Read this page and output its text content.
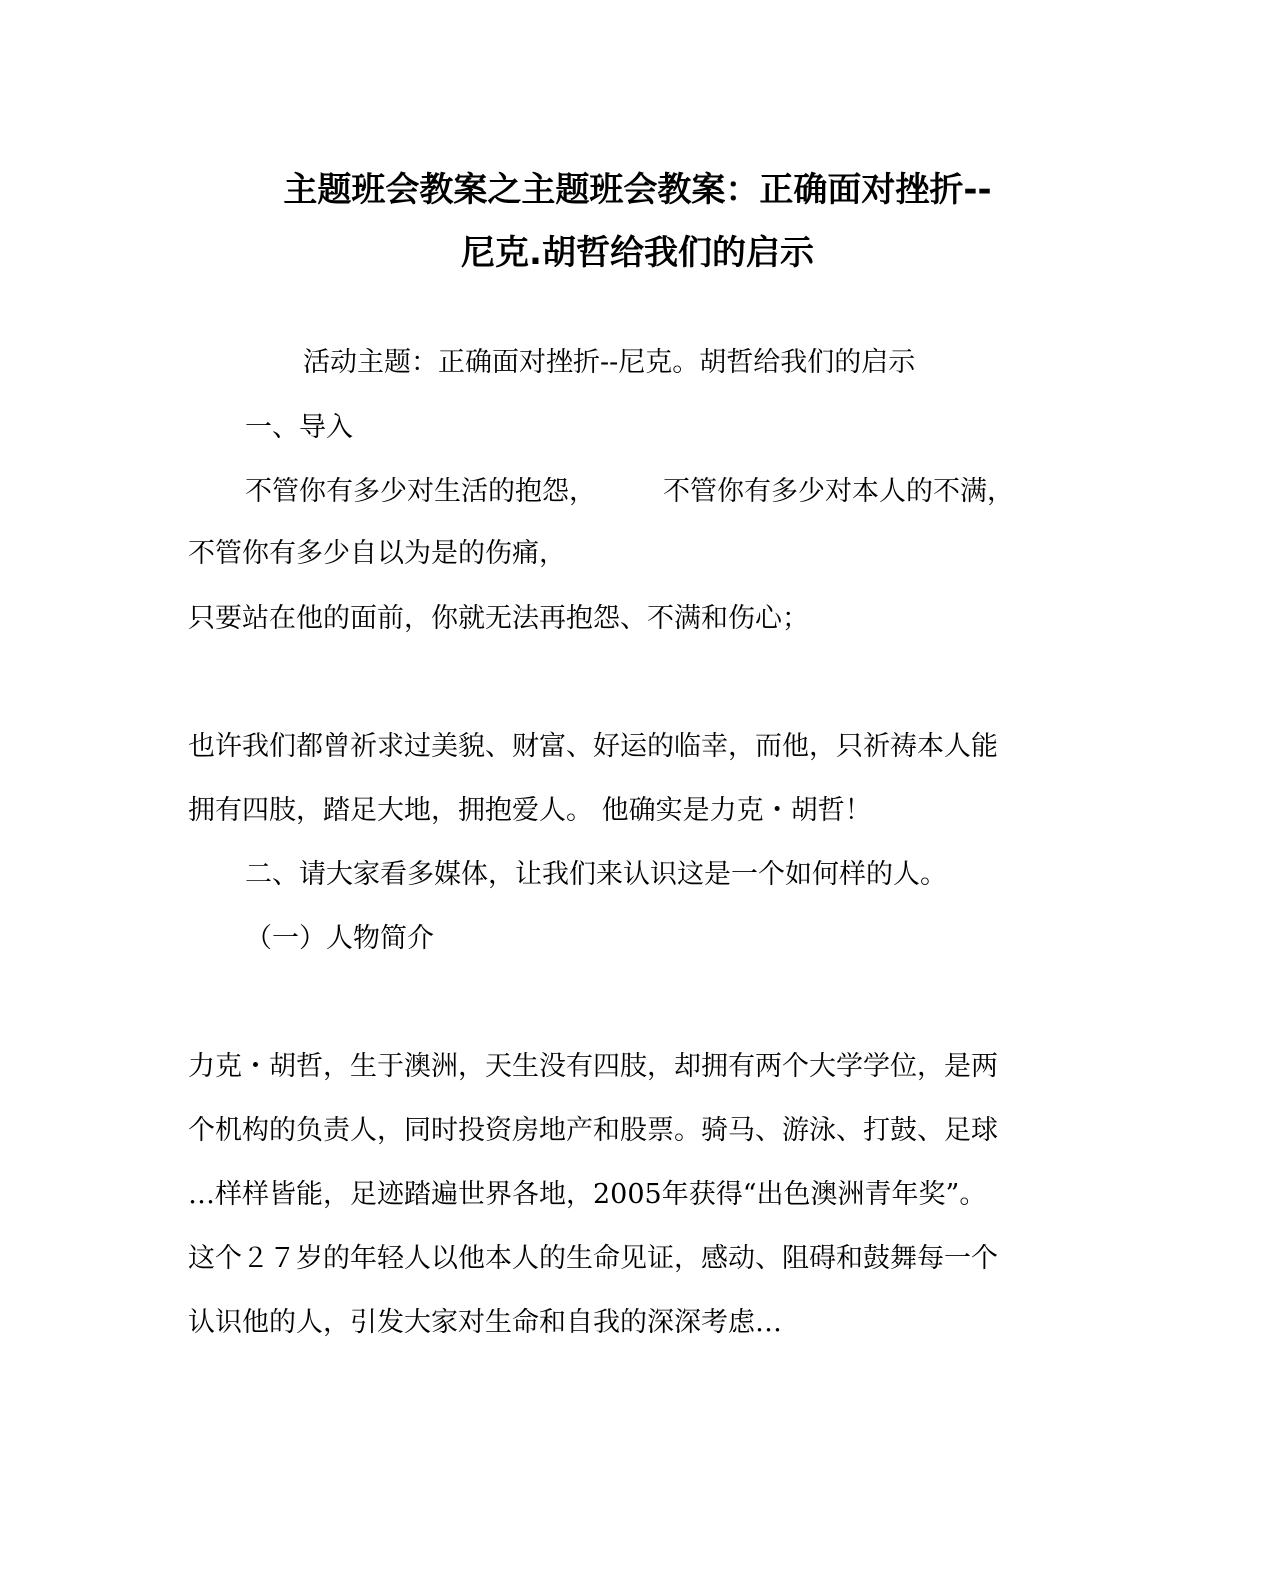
主题班会教案之主题班会教案：正确面对挫折--
尼克.胡哲给我们的启示
活动主题：正确面对挫折--尼克。胡哲给我们的启示
一、导入
不管你有多少对生活的抱怨， 不管你有多少对本人的不满，
不管你有多少自以为是的伤痛，
只要站在他的面前，你就无法再抱怨、不满和伤心；
也许我们都曾祈求过美貌、财富、好运的临幸，而他，只祈祷本人能
拥有四肢，踏足大地，拥抱爱人。 他确实是力克・胡哲！
二、请大家看多媒体，让我们来认识这是一个如何样的人。
（一）人物简介
力克・胡哲，生于澳洲，天生没有四肢，却拥有两个大学学位，是两
个机构的负责人，同时投资房地产和股票。骑马、游泳、打鼓、足球
…样样皆能，足迹踏遍世界各地，2005年获得“出色澳洲青年奖”。
这个２７岁的年轻人以他本人的生命见证，感动、阻碍和鼓舞每一个
认识他的人，引发大家对生命和自我的深深考虑…
